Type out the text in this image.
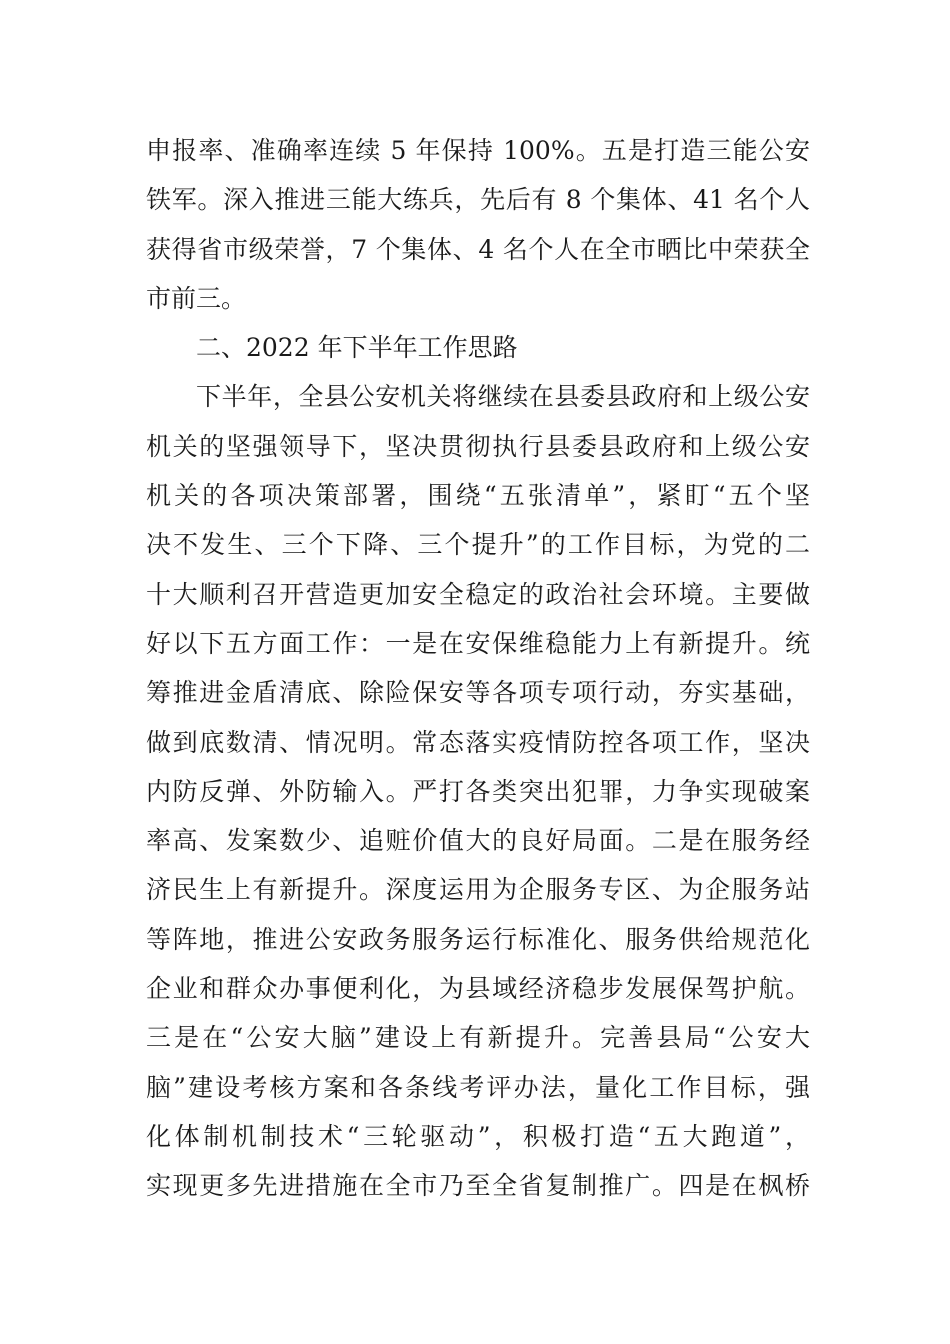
申报率、准确率连续 5 年保持 100%。五是打造三能公安
铁军。深入推进三能大练兵，先后有 8 个集体、41 名个人
获得省市级荣誉，7 个集体、4 名个人在全市晒比中荣获全
市前三。
二、2022 年下半年工作思路
下半年，全县公安机关将继续在县委县政府和上级公安
机关的坚强领导下，坚决贯彻执行县委县政府和上级公安
机关的各项决策部署，围绕“五张清单”，紧盯“五个坚
决不发生、三个下降、三个提升”的工作目标，为党的二
十大顺利召开营造更加安全稳定的政治社会环境。主要做
好以下五方面工作：一是在安保维稳能力上有新提升。统
筹推进金盾清底、除险保安等各项专项行动，夯实基础，
做到底数清、情况明。常态落实疫情防控各项工作，坚决
内防反弹、外防输入。严打各类突出犯罪，力争实现破案
率高、发案数少、追赃价值大的良好局面。二是在服务经
济民生上有新提升。深度运用为企服务专区、为企服务站
等阵地，推进公安政务服务运行标准化、服务供给规范化
企业和群众办事便利化，为县域经济稳步发展保驾护航。
三是在“公安大脑”建设上有新提升。完善县局“公安大
脑”建设考核方案和各条线考评办法，量化工作目标，强
化体制机制技术“三轮驱动”，积极打造“五大跑道”，
实现更多先进措施在全市乃至全省复制推广。四是在枫桥
